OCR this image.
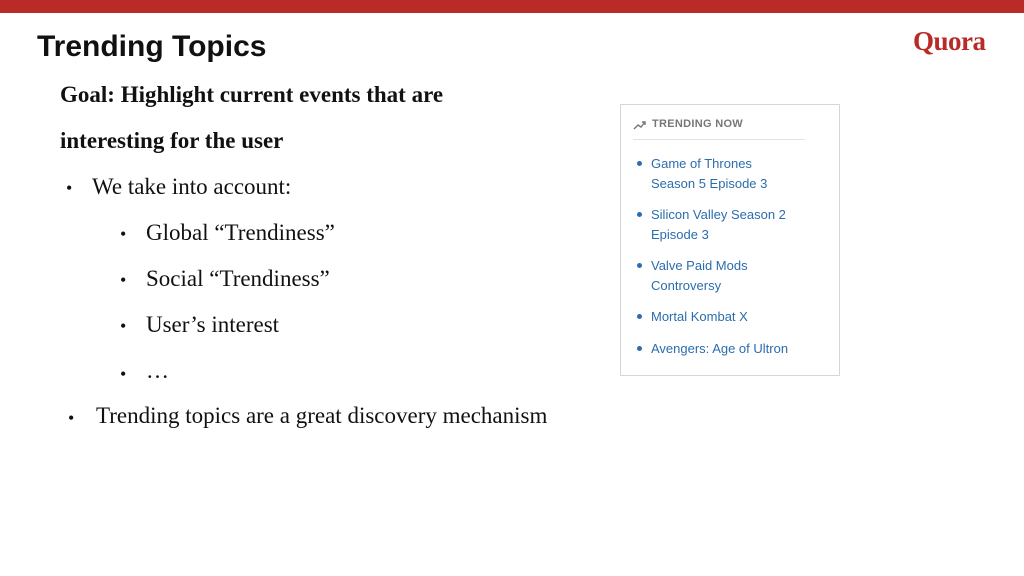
Trending Topics	Quora
Goal: Highlight current events that are
interesting for the user
• We take into account:
• Global “Trendiness”
• Social “Trendiness”
• User’s interest
• …
• Trending topics are a great discovery mechanism
TRENDING NOW
Game of Thrones
Season 5 Episode 3
Silicon Valley Season 2
Episode 3
Valve Paid Mods
Controversy
Mortal Kombat X
Avengers: Age of Ultron
